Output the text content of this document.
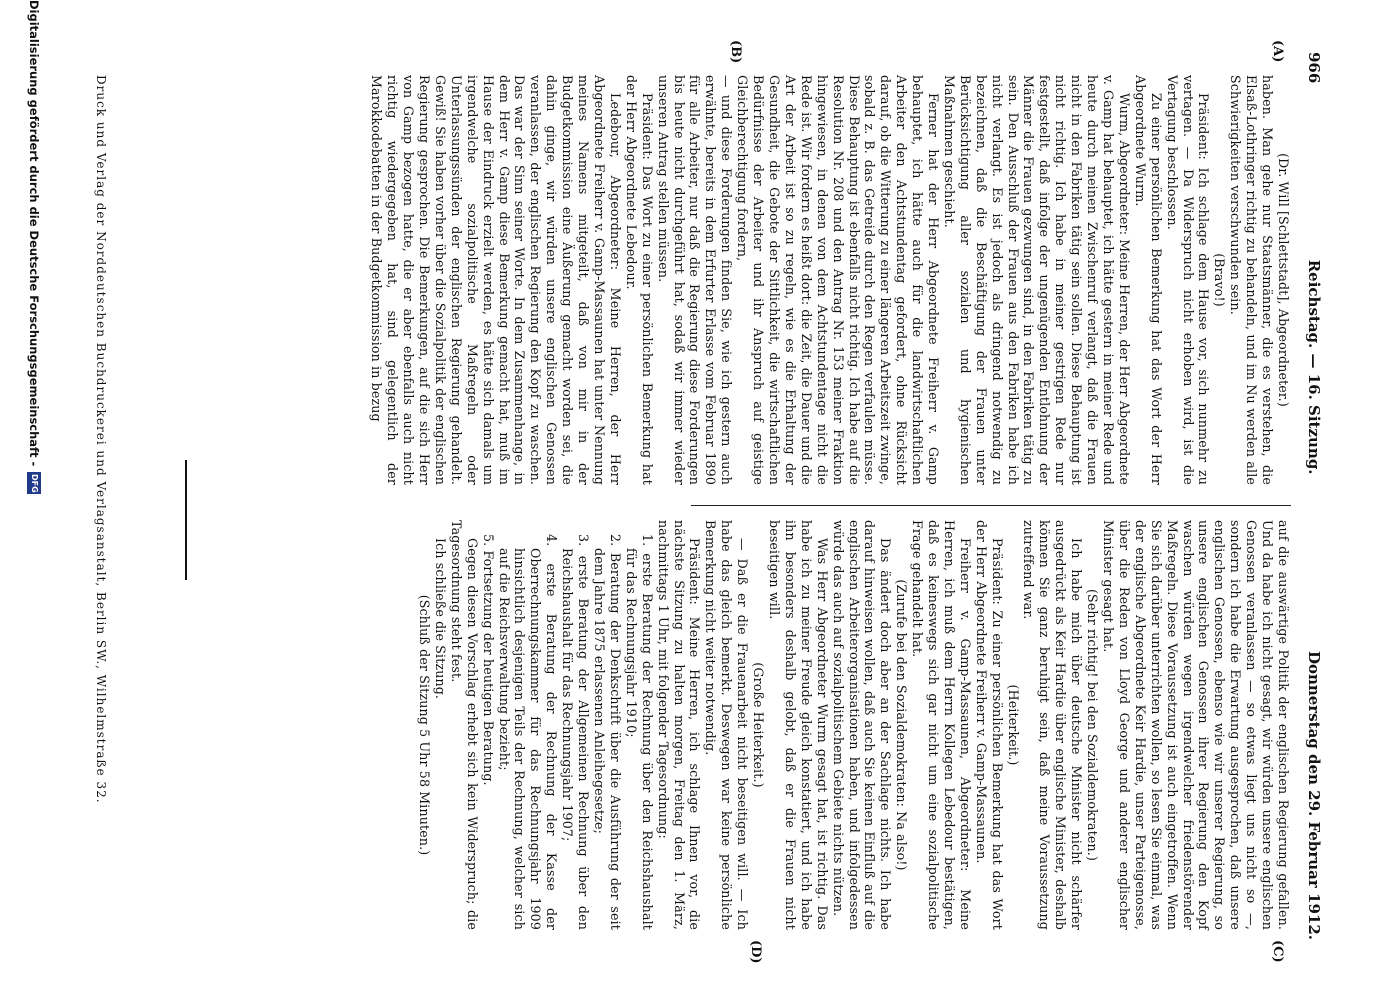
966
Reichstag. — 16. Sitzung.
Donnerstag den 29. Februar 1912.
(A)
(B)
(C)
(D)

(Dr. Will [Schlettstadt], Abgeordneter.)

haben. Man gehe nur Staatsmänner, die es verstehen, die Elsaß-Lothringer richtig zu behandeln, und im Nu werden alle Schwierigkeiten verschwunden sein.

(Bravo!)

Präsident: Ich schlage dem Hause vor, sich nunmehr zu vertagen. — Da Widerspruch nicht erhoben wird, ist die Vertagung beschlossen.

Zu einer persönlichen Bemerkung hat das Wort der Herr Abgeordnete Wurm.

Wurm, Abgeordneter: Meine Herren, der Herr Abgeordnete v. Gamp hat behauptet, ich hätte gestern in meiner Rede und heute durch meinen Zwischenruf verlangt, daß die Frauen nicht in den Fabriken tätig sein sollen. Diese Behauptung ist nicht richtig. Ich habe in meiner gestrigen Rede nur festgestellt, daß infolge der ungenügenden Entlohnung der Männer die Frauen gezwungen sind, in den Fabriken tätig zu sein. Den Ausschluß der Frauen aus den Fabriken habe ich nicht verlangt. Es ist jedoch als dringend notwendig zu bezeichnen, daß die Beschäftigung der Frauen unter Berücksichtigung aller sozialen und hygienischen Maßnahmen geschieht.

Ferner hat der Herr Abgeordnete Freiherr v. Gamp behauptet, ich hätte auch für die landwirtschaftlichen Arbeiter den Achtstundentag gefordert, ohne Rücksicht darauf, ob die Witterung zu einer längeren Arbeitszeit zwinge, sobald z. B. das Getreide durch den Regen verfaulen müsse. Diese Behauptung ist ebenfalls nicht richtig. Ich habe auf die Resolution Nr. 208 und den Antrag Nr. 153 meiner Fraktion hingewiesen, in denen von dem Achtstundentage nicht die Rede ist. Wir fordern es heißt dort: die Zeit, die Dauer und die Art der Arbeit ist so zu regeln, wie es die Erhaltung der Gesundheit, die Gebote der Sittlichkeit, die wirtschaftlichen Bedürfnisse der Arbeiter und ihr Anspruch auf geistige Gleichberechtigung fordern,

— und diese Forderungen finden Sie, wie ich gestern auch erwähnte, bereits in dem Erfurter Erlasse vom Februar 1890 für alle Arbeiter, nur daß die Regierung diese Forderungen bis heute nicht durchgeführt hat, sodaß wir immer wieder unseren Antrag stellen müssen.

Präsident: Das Wort zu einer persönlichen Bemerkung hat der Herr Abgeordnete Lebedour.

Ledebour, Abgeordneter: Meine Herren, der Herr Abgeordnete Freiherr v. Gamp-Massaunen hat unter Nennung meines Namens mitgeteilt, daß von mir in der Budgetkommission eine Äußerung gemacht worden sei, die dahin ginge, wir würden unsere englischen Genossen veranlassen, der englischen Regierung den Kopf zu waschen. Das war der Sinn seiner Worte. In dem Zusammenhange, in dem Herr v. Gamp diese Bemerkung gemacht hat, muß im Hause der Eindruck erzielt werden, es hätte sich damals um irgendwelche sozialpolitische Maßregeln oder Unterlassungssünden der englischen Regierung gehandelt. Gewiß! Sie haben vorher über die Sozialpolitik der englischen Regierung gesprochen. Die Bemerkungen, auf die sich Herr von Gamp bezogen hatte, die er aber ebenfalls auch nicht richtig wiedergegeben hat, sind gelegentlich der Marokkodebatten in der Budgetkommission in bezug

auf die auswärtige Politik der englischen Regierung gefallen. Und da habe ich nicht gesagt, wir würden unsere englischen Genossen veranlassen — so etwas liegt uns nicht so —, sondern ich habe die Erwartung ausgesprochen, daß unsere englischen Genossen, ebenso wie wir unserer Regierung, so unsere englischen Genossen ihrer Regierung den Kopf waschen würden wegen irgendwelcher friedenstörender Maßregeln. Diese Voraussetzung ist auch eingetroffen. Wenn Sie sich darüber unterrichten wollen, so lesen Sie einmal, was der englische Abgeordnete Keir Hardie, unser Parteigenosse, über die Reden von Lloyd George und anderer englischer Minister gesagt hat.

(Sehr richtig! bei den Sozialdemokraten.)

Ich habe mich über deutsche Minister nicht schärfer ausgedrückt als Keir Hardie über englische Minister, deshalb können Sie ganz beruhigt sein, daß meine Voraussetzung zutreffend war.

(Heiterkeit.)

Präsident: Zu einer persönlichen Bemerkung hat das Wort der Herr Abgeordnete Freiherr v. Gamp-Massaunen.

Freiherr v. Gamp-Massaunen, Abgeordneter: Meine Herren, ich muß dem Herrn Kollegen Lebedour bestätigen, daß es keineswegs sich gar nicht um eine sozialpolitische Frage gehandelt hat.

(Zurufe bei den Sozialdemokraten: Na also!)

Das ändert doch aber an der Sachlage nichts. Ich habe darauf hinweisen wollen, daß auch Sie keinen Einfluß auf die englischen Arbeiterorganisationen haben, und infolgedessen würde das auch auf sozialpolitischem Gebiete nichts nützen.

Was Herr Abgeordneter Wurm gesagt hat, ist richtig. Das habe ich zu meiner Freude gleich konstatiert, und ich habe ihn besonders deshalb gelobt, daß er die Frauen nicht beseitigen will.

(Große Heiterkeit.)

— Daß er die Frauenarbeit nicht beseitigen will. — Ich habe das gleich bemerkt. Deswegen war keine persönliche Bemerkung nicht weiter notwendig.

Präsident: Meine Herren, ich schlage Ihnen vor, die nächste Sitzung zu halten morgen, Freitag den 1. März, nachmittags 1 Uhr, mit folgender Tagesordnung:

1. erste Beratung der Rechnung über den Reichshaushalt für das Rechnungsjahr 1910;

2. Beratung der Denkschrift über die Ausführung der seit dem Jahre 1875 erlassenen Anleihegesetze;

3. erste Beratung der Allgemeinen Rechnung über den Reichshaushalt für das Rechnungsjahr 1907;

4. erste Beratung der Rechnung der Kasse der Oberrechnungskammer für das Rechnungsjahr 1909 hinsichtlich desjenigen Teils der Rechnung, welcher sich auf die Reichsverwaltung bezieht;

5. Fortsetzung der heutigen Beratung.

Gegen diesen Vorschlag erhebt sich kein Widerspruch; die Tagesordnung steht fest.

Ich schließe die Sitzung.

(Schluß der Sitzung 5 Uhr 58 Minuten.)

Druck und Verlag der Norddeutschen Buchdruckerei und Verlagsanstalt, Berlin SW., Wilhelmstraße 32.
Digitalisierung gefördert durch die Deutsche Forschungsgemeinschaft -
DFG
